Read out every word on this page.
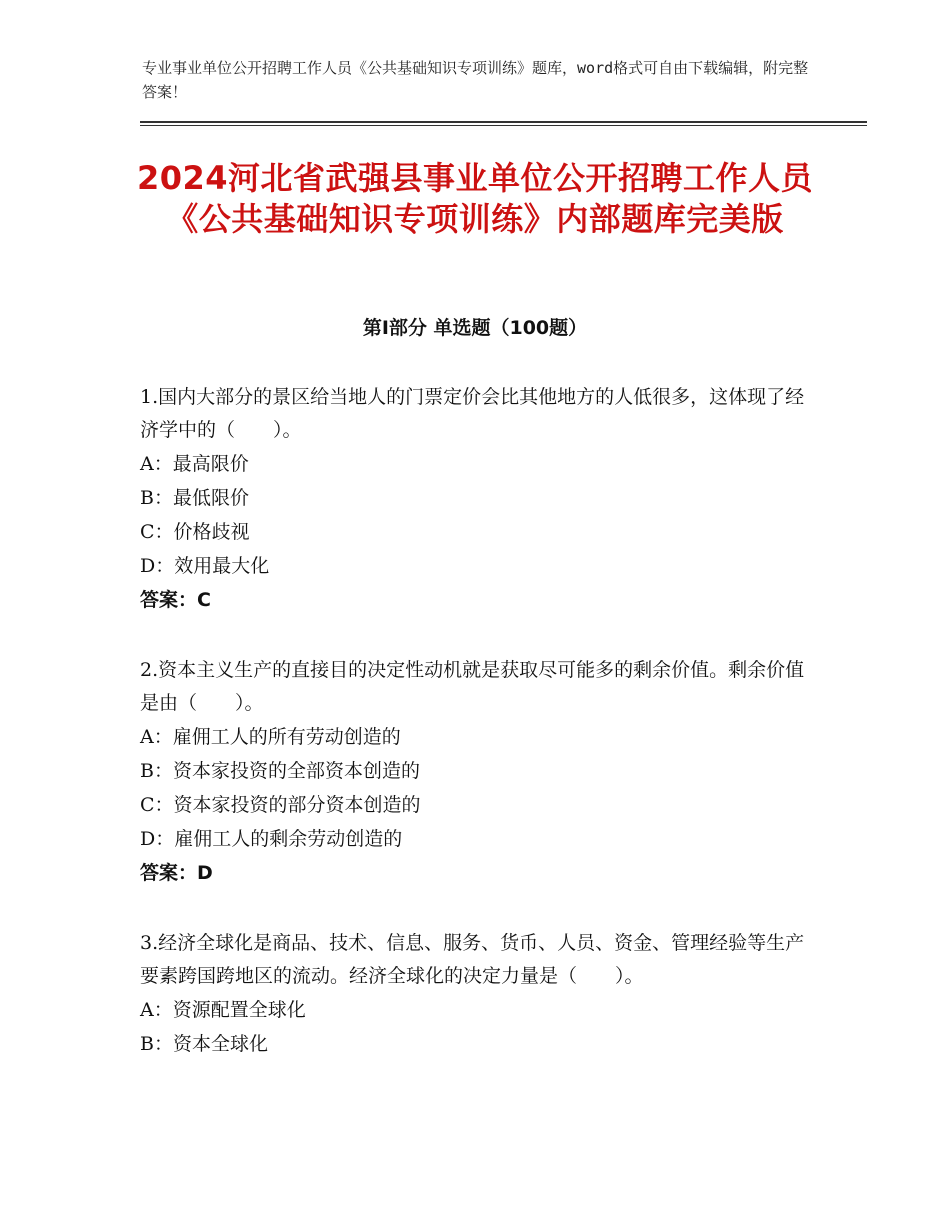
专业事业单位公开招聘工作人员《公共基础知识专项训练》题库，word格式可自由下载编辑，附完整答案！
2024河北省武强县事业单位公开招聘工作人员《公共基础知识专项训练》内部题库完美版
第Ⅰ部分 单选题（100题）

1.国内大部分的景区给当地人的门票定价会比其他地方的人低很多，这体现了经济学中的（　　）。

A：最高限价

B：最低限价

C：价格歧视

D：效用最大化

答案：C

2.资本主义生产的直接目的决定性动机就是获取尽可能多的剩余价值。剩余价值是由（　　）。

A：雇佣工人的所有劳动创造的

B：资本家投资的全部资本创造的

C：资本家投资的部分资本创造的

D：雇佣工人的剩余劳动创造的

答案：D

3.经济全球化是商品、技术、信息、服务、货币、人员、资金、管理经验等生产要素跨国跨地区的流动。经济全球化的决定力量是（　　）。

A：资源配置全球化

B：资本全球化
